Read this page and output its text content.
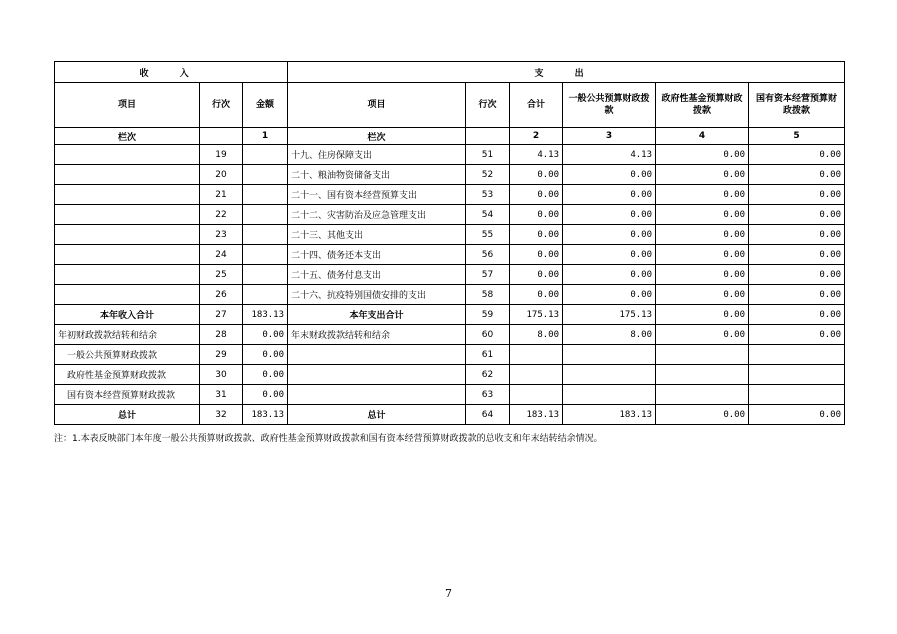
收 入			支 出					
项目	行次	金额	项目	行次	合计	一般公共预算财政拨款	政府性基金预算财政拨款	国有资本经营预算财政拨款
栏次		1	栏次		2	3	4	5
	19		十九、住房保障支出	51	4.13	4.13	0.00	0.00
	20		二十、粮油物资储备支出	52	0.00	0.00	0.00	0.00
	21		二十一、国有资本经营预算支出	53	0.00	0.00	0.00	0.00
	22		二十二、灾害防治及应急管理支出	54	0.00	0.00	0.00	0.00
	23		二十三、其他支出	55	0.00	0.00	0.00	0.00
	24		二十四、债务还本支出	56	0.00	0.00	0.00	0.00
	25		二十五、债务付息支出	57	0.00	0.00	0.00	0.00
	26		二十六、抗疫特别国债安排的支出	58	0.00	0.00	0.00	0.00
本年收入合计	27	183.13	本年支出合计	59	175.13	175.13	0.00	0.00
年初财政拨款结转和结余	28	0.00	年末财政拨款结转和结余	60	8.00	8.00	0.00	0.00
一般公共预算财政拨款	29	0.00		61				
政府性基金预算财政拨款	30	0.00		62				
国有资本经营预算财政拨款	31	0.00		63				
总计	32	183.13	总计	64	183.13	183.13	0.00	0.00
注：1.本表反映部门本年度一般公共预算财政拨款、政府性基金预算财政拨款和国有资本经营预算财政拨款的总收支和年末结转结余情况。
7
